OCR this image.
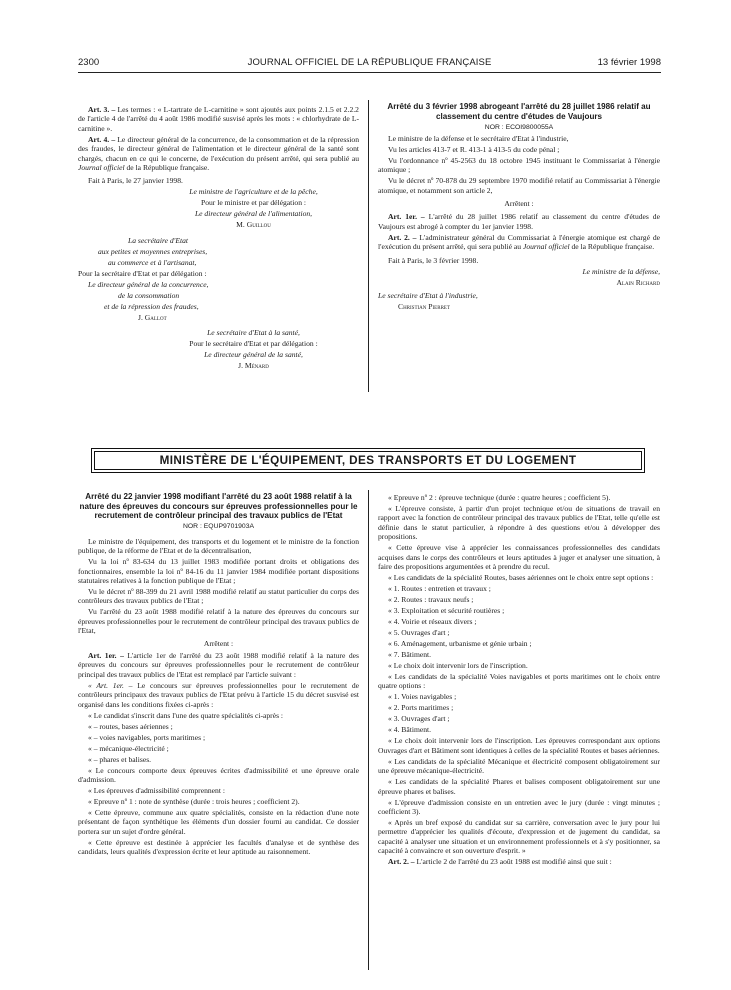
2300	JOURNAL OFFICIEL DE LA RÉPUBLIQUE FRANÇAISE	13 février 1998

Art. 3. – Les termes : « L-tartrate de L-carnitine » sont ajoutés aux points 2.1.5 et 2.2.2 de l'article 4 de l'arrêté du 4 août 1986 modifié susvisé après les mots : « chlorhydrate de L-carnitine ».

Art. 4. – Le directeur général de la concurrence, de la consommation et de la répression des fraudes, le directeur général de l'alimentation et le directeur général de la santé sont chargés, chacun en ce qui le concerne, de l'exécution du présent arrêté, qui sera publié au Journal officiel de la République française.

Fait à Paris, le 27 janvier 1998.

Le ministre de l'agriculture et de la pêche,

Pour le ministre et par délégation :

Le directeur général de l'alimentation,

M. Guillou

La secrétaire d'Etat

aux petites et moyennes entreprises,

au commerce et à l'artisanat,

Pour la secrétaire d'Etat et par délégation :

Le directeur général de la concurrence,

de la consommation

et de la répression des fraudes,

J. Gallot

Le secrétaire d'Etat à la santé,

Pour le secrétaire d'Etat et par délégation :

Le directeur général de la santé,

J. Ménard

Arrêté du 3 février 1998 abrogeant l'arrêté du 28 juillet 1986 relatif au classement du centre d'études de Vaujours

NOR : ECOI9800055A

Le ministre de la défense et le secrétaire d'Etat à l'industrie,

Vu les articles 413-7 et R. 413-1 à 413-5 du code pénal ;

Vu l'ordonnance nº 45-2563 du 18 octobre 1945 instituant le Commissariat à l'énergie atomique ;

Vu le décret nº 70-878 du 29 septembre 1970 modifié relatif au Commissariat à l'énergie atomique, et notamment son article 2,

Arrêtent :

Art. 1er. – L'arrêté du 28 juillet 1986 relatif au classement du centre d'études de Vaujours est abrogé à compter du 1er janvier 1998.

Art. 2. – L'administrateur général du Commissariat à l'énergie atomique est chargé de l'exécution du présent arrêté, qui sera publié au Journal officiel de la République française.

Fait à Paris, le 3 février 1998.

Le ministre de la défense,

Alain Richard

Le secrétaire d'Etat à l'industrie,

Christian Pierret

MINISTÈRE DE L'ÉQUIPEMENT, DES TRANSPORTS ET DU LOGEMENT

Arrêté du 22 janvier 1998 modifiant l'arrêté du 23 août 1988 relatif à la nature des épreuves du concours sur épreuves professionnelles pour le recrutement de contrôleur principal des travaux publics de l'Etat

NOR : EQUP9701903A

Le ministre de l'équipement, des transports et du logement et le ministre de la fonction publique, de la réforme de l'Etat et de la décentralisation,

Vu la loi nº 83-634 du 13 juillet 1983 modifiée portant droits et obligations des fonctionnaires, ensemble la loi nº 84-16 du 11 janvier 1984 modifiée portant dispositions statutaires relatives à la fonction publique de l'Etat ;

Vu le décret nº 88-399 du 21 avril 1988 modifié relatif au statut particulier du corps des contrôleurs des travaux publics de l'Etat ;

Vu l'arrêté du 23 août 1988 modifié relatif à la nature des épreuves du concours sur épreuves professionnelles pour le recrutement de contrôleur principal des travaux publics de l'Etat,

Arrêtent :

Art. 1er. – L'article 1er de l'arrêté du 23 août 1988 modifié relatif à la nature des épreuves du concours sur épreuves professionnelles pour le recrutement de contrôleur principal des travaux publics de l'Etat est remplacé par l'article suivant :

« Art. 1er. – Le concours sur épreuves professionnelles pour le recrutement de contrôleurs principaux des travaux publics de l'Etat prévu à l'article 15 du décret susvisé est organisé dans les conditions fixées ci-après :

« Le candidat s'inscrit dans l'une des quatre spécialités ci-après :

« – routes, bases aériennes ;

« – voies navigables, ports maritimes ;

« – mécanique-électricité ;

« – phares et balises.

« Le concours comporte deux épreuves écrites d'admissibilité et une épreuve orale d'admission.

« Les épreuves d'admissibilité comprennent :

« Epreuve nº 1 : note de synthèse (durée : trois heures ; coefficient 2).

« Cette épreuve, commune aux quatre spécialités, consiste en la rédaction d'une note présentant de façon synthétique les éléments d'un dossier fourni au candidat. Ce dossier portera sur un sujet d'ordre général.

« Cette épreuve est destinée à apprécier les facultés d'analyse et de synthèse des candidats, leurs qualités d'expression écrite et leur aptitude au raisonnement.

« Epreuve nº 2 : épreuve technique (durée : quatre heures ; coefficient 5).

« L'épreuve consiste, à partir d'un projet technique et/ou de situations de travail en rapport avec la fonction de contrôleur principal des travaux publics de l'Etat, telle qu'elle est définie dans le statut particulier, à répondre à des questions et/ou à développer des propositions.

« Cette épreuve vise à apprécier les connaissances professionnelles des candidats acquises dans le corps des contrôleurs et leurs aptitudes à juger et analyser une situation, à faire des propositions argumentées et à prendre du recul.

« Les candidats de la spécialité Routes, bases aériennes ont le choix entre sept options :

« 1. Routes : entretien et travaux ;

« 2. Routes : travaux neufs ;

« 3. Exploitation et sécurité routières ;

« 4. Voirie et réseaux divers ;

« 5. Ouvrages d'art ;

« 6. Aménagement, urbanisme et génie urbain ;

« 7. Bâtiment.

« Le choix doit intervenir lors de l'inscription.

« Les candidats de la spécialité Voies navigables et ports maritimes ont le choix entre quatre options :

« 1. Voies navigables ;

« 2. Ports maritimes ;

« 3. Ouvrages d'art ;

« 4. Bâtiment.

« Le choix doit intervenir lors de l'inscription. Les épreuves correspondant aux options Ouvrages d'art et Bâtiment sont identiques à celles de la spécialité Routes et bases aériennes.

« Les candidats de la spécialité Mécanique et électricité composent obligatoirement sur une épreuve mécanique-électricité.

« Les candidats de la spécialité Phares et balises composent obligatoirement sur une épreuve phares et balises.

« L'épreuve d'admission consiste en un entretien avec le jury (durée : vingt minutes ; coefficient 3).

« Après un bref exposé du candidat sur sa carrière, conversation avec le jury pour lui permettre d'apprécier les qualités d'écoute, d'expression et de jugement du candidat, sa capacité à analyser une situation et un environnement professionnels et à s'y positionner, sa capacité à convaincre et son ouverture d'esprit. »

Art. 2. – L'article 2 de l'arrêté du 23 août 1988 est modifié ainsi que suit :
